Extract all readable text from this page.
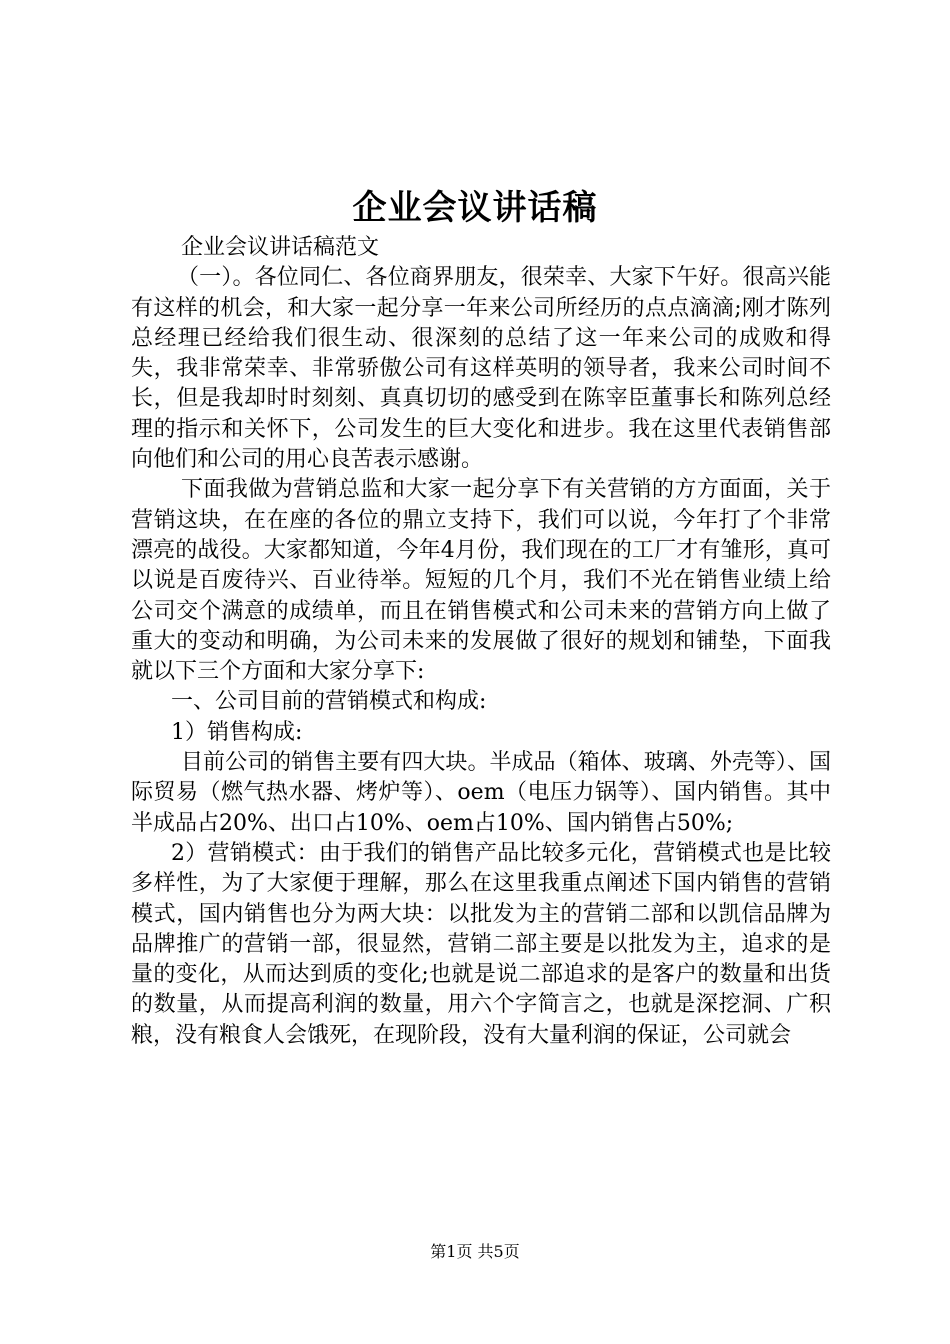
企业会议讲话稿

企业会议讲话稿范文

（一）。各位同仁、各位商界朋友，很荣幸、大家下午好。很高兴能有这样的机会，和大家一起分享一年来公司所经历的点点滴滴;刚才陈列总经理已经给我们很生动、很深刻的总结了这一年来公司的成败和得失，我非常荣幸、非常骄傲公司有这样英明的领导者，我来公司时间不长，但是我却时时刻刻、真真切切的感受到在陈宰臣董事长和陈列总经理的指示和关怀下，公司发生的巨大变化和进步。我在这里代表销售部向他们和公司的用心良苦表示感谢。

下面我做为营销总监和大家一起分享下有关营销的方方面面，关于营销这块，在在座的各位的鼎立支持下，我们可以说，今年打了个非常漂亮的战役。大家都知道，今年4月份，我们现在的工厂才有雏形，真可以说是百废待兴、百业待举。短短的几个月，我们不光在销售业绩上给公司交个满意的成绩单，而且在销售模式和公司未来的营销方向上做了重大的变动和明确，为公司未来的发展做了很好的规划和铺垫，下面我就以下三个方面和大家分享下:

一、公司目前的营销模式和构成:

1）销售构成:

目前公司的销售主要有四大块。半成品（箱体、玻璃、外壳等）、国际贸易（燃气热水器、烤炉等）、oem（电压力锅等）、国内销售。其中半成品占20%、出口占10%、oem占10%、国内销售占50%;

2）营销模式：由于我们的销售产品比较多元化，营销模式也是比较多样性，为了大家便于理解，那么在这里我重点阐述下国内销售的营销模式，国内销售也分为两大块：以批发为主的营销二部和以凯信品牌为品牌推广的营销一部，很显然，营销二部主要是以批发为主，追求的是量的变化，从而达到质的变化;也就是说二部追求的是客户的数量和出货的数量，从而提高利润的数量，用六个字简言之，也就是深挖洞、广积粮，没有粮食人会饿死，在现阶段，没有大量利润的保证，公司就会

第1页 共5页
